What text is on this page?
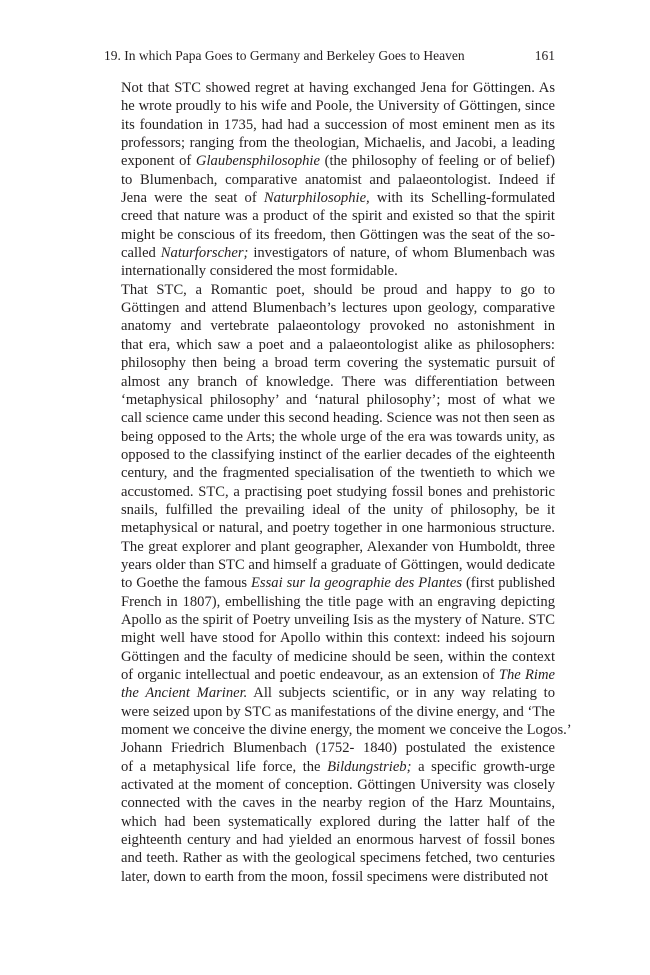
19. In which Papa Goes to Germany and Berkeley Goes to Heaven	161

Not that STC showed regret at having exchanged Jena for Göttingen. As
he wrote proudly to his wife and Poole, the University of Göttingen, since
its foundation in 1735, had had a succession of most eminent men as its
professors; ranging from the theologian, Michaelis, and Jacobi, a leading
exponent of Glaubensphilosophie (the philosophy of feeling or of belief)
to Blumenbach, comparative anatomist and palaeontologist. Indeed if
Jena were the seat of Naturphilosophie, with its Schelling-formulated
creed that nature was a product of the spirit and existed so that the spirit
might be conscious of its freedom, then Göttingen was the seat of the so-
called Naturforscher; investigators of nature, of whom Blumenbach was
internationally considered the most formidable.

That STC, a Romantic poet, should be proud and happy to go to
Göttingen and attend Blumenbach’s lectures upon geology, comparative
anatomy and vertebrate palaeontology provoked no astonishment in
that era, which saw a poet and a palaeontologist alike as philosophers:
philosophy then being a broad term covering the systematic pursuit of
almost any branch of knowledge. There was differentiation between
‘metaphysical philosophy’ and ‘natural philosophy’; most of what we
call science came under this second heading. Science was not then seen as
being opposed to the Arts; the whole urge of the era was towards unity, as
opposed to the classifying instinct of the earlier decades of the eighteenth
century, and the fragmented specialisation of the twentieth to which we
accustomed. STC, a practising poet studying fossil bones and prehistoric
snails, fulfilled the prevailing ideal of the unity of philosophy, be it
metaphysical or natural, and poetry together in one harmonious structure.
The great explorer and plant geographer, Alexander von Humboldt, three
years older than STC and himself a graduate of Göttingen, would dedicate
to Goethe the famous Essai sur la geographie des Plantes (first published
French in 1807), embellishing the title page with an engraving depicting
Apollo as the spirit of Poetry unveiling Isis as the mystery of Nature. STC
might well have stood for Apollo within this context: indeed his sojourn
Göttingen and the faculty of medicine should be seen, within the context
of organic intellectual and poetic endeavour, as an extension of The Rime
the Ancient Mariner. All subjects scientific, or in any way relating to
were seized upon by STC as manifestations of the divine energy, and ‘The
moment we conceive the divine energy, the moment we conceive the Logos.’

Johann Friedrich Blumenbach (1752- 1840) postulated the existence
of a metaphysical life force, the Bildungstrieb; a specific growth-urge
activated at the moment of conception. Göttingen University was closely
connected with the caves in the nearby region of the Harz Mountains,
which had been systematically explored during the latter half of the
eighteenth century and had yielded an enormous harvest of fossil bones
and teeth. Rather as with the geological specimens fetched, two centuries
later, down to earth from the moon, fossil specimens were distributed not
